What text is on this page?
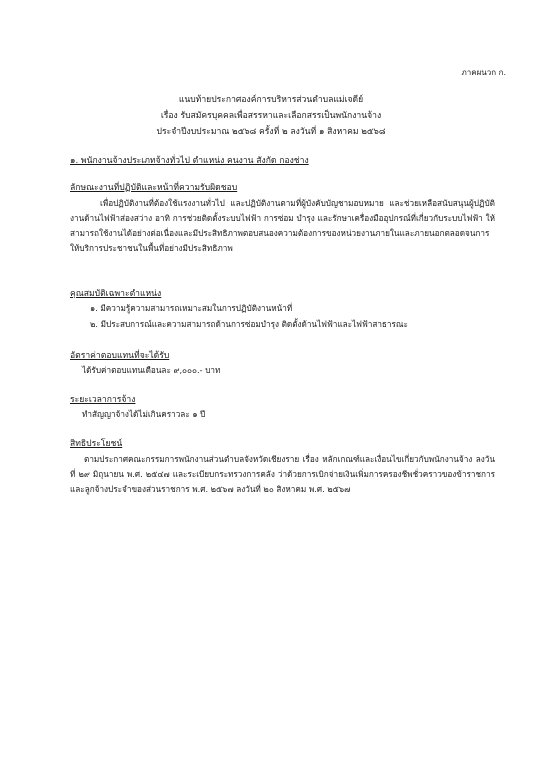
ภาคผนวก ก.
แนบท้ายประกาศองค์การบริหารส่วนตำบลแม่เจดีย์
เรื่อง รับสมัครบุคคลเพื่อสรรหาและเลือกสรรเป็นพนักงานจ้าง
ประจำปีงบประมาณ ๒๕๖๘ ครั้งที่ ๒ ลงวันที่ ๑ สิงหาคม ๒๕๖๘
๑. พนักงานจ้างประเภทจ้างทั่วไป ตำแหน่ง คนงาน สังกัด กองช่าง
ลักษณะงานที่ปฏิบัติและหน้าที่ความรับผิดชอบ
เพื่อปฏิบัติงานที่ต้องใช้แรงงานทั่วไป และปฏิบัติงานตามที่ผู้บังคับบัญชามอบหมาย และช่วยเหลือสนับสนุนผู้ปฏิบัติงานด้านไฟฟ้าส่องสว่าง อาทิ การช่วยติดตั้งระบบไฟฟ้า การซ่อม บำรุง และรักษาเครื่องมืออุปกรณ์ที่เกี่ยวกับระบบไฟฟ้า ให้สามารถใช้งานได้อย่างต่อเนื่องและมีประสิทธิภาพตอบสนองความต้องการของหน่วยงานภายในและภายนอกตลอดจนการให้บริการประชาชนในพื้นที่อย่างมีประสิทธิภาพ
คุณสมบัติเฉพาะตำแหน่ง
๑. มีความรู้ความสามารถเหมาะสมในการปฏิบัติงานหน้าที่
๒. มีประสบการณ์และความสามารถด้านการซ่อมบำรุง ติดตั้งด้านไฟฟ้าและไฟฟ้าสาธารณะ
อัตราค่าตอบแทนที่จะได้รับ
ได้รับค่าตอบแทนเดือนละ ๙,๐๐๐.- บาท
ระยะเวลาการจ้าง
ทำสัญญาจ้างได้ไม่เกินคราวละ ๑ ปี
สิทธิประโยชน์
ตามประกาศคณะกรรมการพนักงานส่วนตำบลจังหวัดเชียงราย เรื่อง หลักเกณฑ์และเงื่อนไขเกี่ยวกับพนักงานจ้าง ลงวันที่ ๒๙ มิถุนายน พ.ศ. ๒๕๔๗ และระเบียบกระทรวงการคลัง ว่าด้วยการเบิกจ่ายเงินเพิ่มการครองชีพชั่วคราวของข้าราชการและลูกจ้างประจำของส่วนราชการ พ.ศ. ๒๕๖๗ ลงวันที่ ๒๐ สิงหาคม พ.ศ. ๒๕๖๗
